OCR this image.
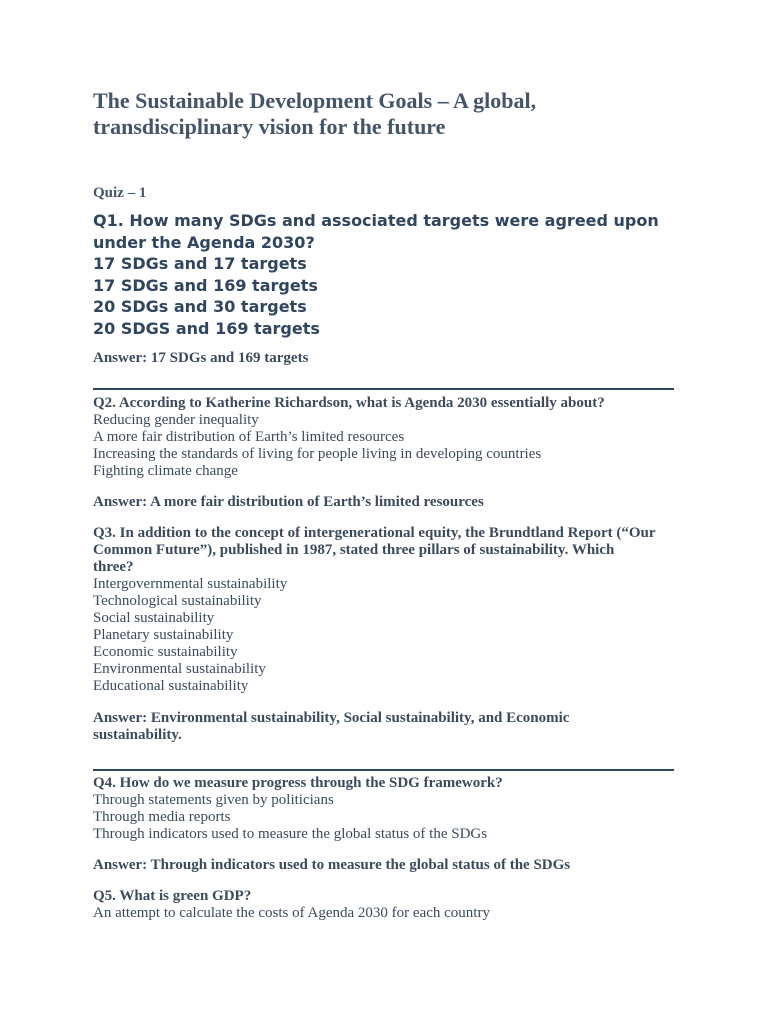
The Sustainable Development Goals – A global,
transdisciplinary vision for the future
Quiz – 1
Q1. How many SDGs and associated targets were agreed upon
under the Agenda 2030?
17 SDGs and 17 targets
17 SDGs and 169 targets
20 SDGs and 30 targets
20 SDGS and 169 targets
Answer: 17 SDGs and 169 targets
Q2. According to Katherine Richardson, what is Agenda 2030 essentially about?
Reducing gender inequality
A more fair distribution of Earth’s limited resources
Increasing the standards of living for people living in developing countries
Fighting climate change
Answer: A more fair distribution of Earth’s limited resources
Q3. In addition to the concept of intergenerational equity, the Brundtland Report (“Our
Common Future”), published in 1987, stated three pillars of sustainability. Which
three?
Intergovernmental sustainability
Technological sustainability
Social sustainability
Planetary sustainability
Economic sustainability
Environmental sustainability
Educational sustainability
Answer: Environmental sustainability, Social sustainability, and Economic
sustainability.
Q4. How do we measure progress through the SDG framework?
Through statements given by politicians
Through media reports
Through indicators used to measure the global status of the SDGs
Answer: Through indicators used to measure the global status of the SDGs
Q5. What is green GDP?
An attempt to calculate the costs of Agenda 2030 for each country
